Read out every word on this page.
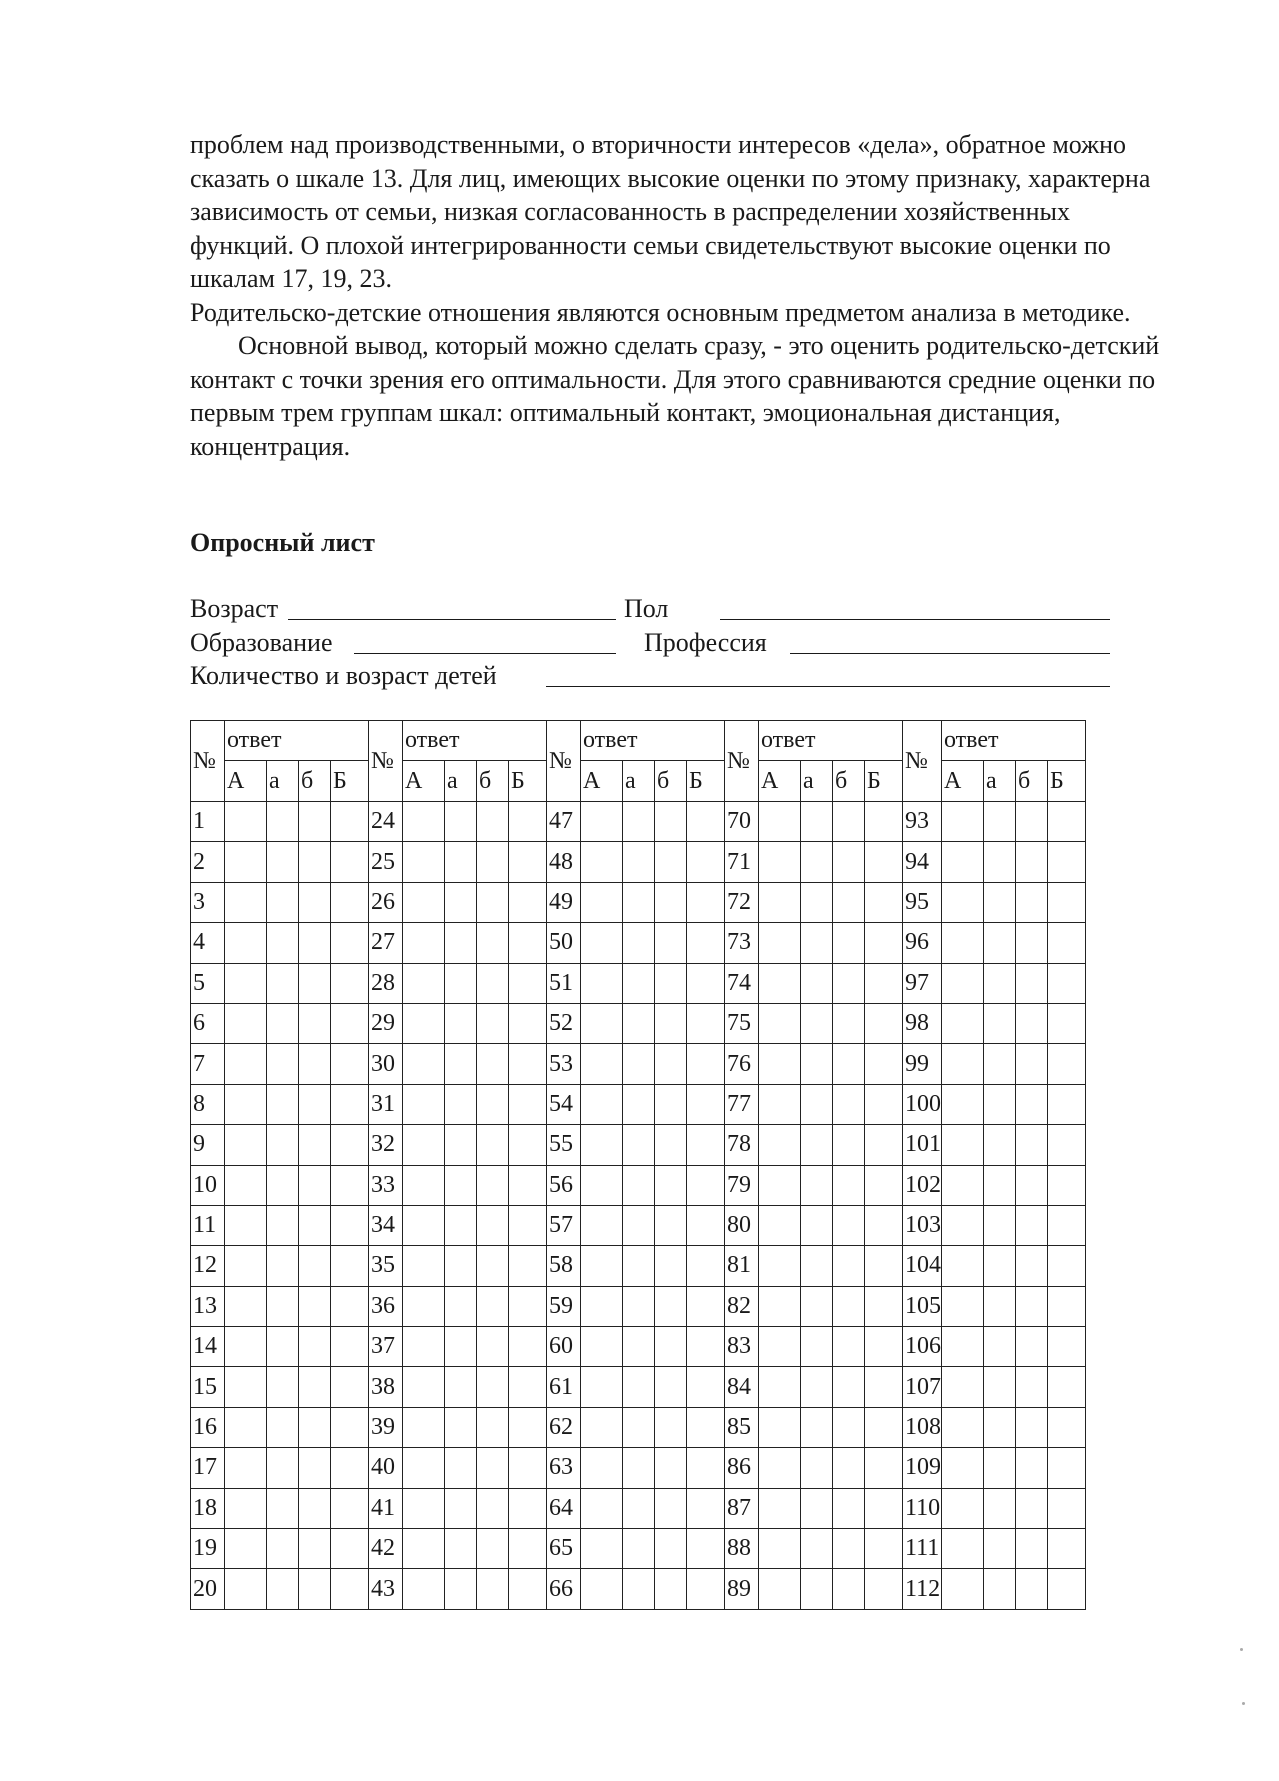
проблем над производственными, о вторичности интересов «дела», обратное можно сказать о шкале 13. Для лиц, имеющих высокие оценки по этому признаку, характерна зависимость от семьи, низкая согласованность в распределении хозяйственных функций. О плохой интегрированности семьи свидетельствуют высокие оценки по шкалам 17, 19, 23.

Родительско-детские отношения являются основным предметом анализа в методике.

Основной вывод, который можно сделать сразу, - это оценить родительско-детский контакт с точки зрения его оптимальности. Для этого сравниваются средние оценки по первым трем группам шкал: оптимальный контакт, эмоциональная дистанция, концентрация.

Опросный лист
Возраст	Пол
Образование	Профессия
Количество и возраст детей
№	ответ				№	ответ				№	ответ				№	ответ				№	ответ			
	А	а	б	Б		А	а	б	Б		А	а	б	Б		А	а	б	Б		А	а	б	Б
1					24					47					70					93				
2					25					48					71					94				
3					26					49					72					95				
4					27					50					73					96				
5					28					51					74					97				
6					29					52					75					98				
7					30					53					76					99				
8					31					54					77					100				
9					32					55					78					101				
10					33					56					79					102				
11					34					57					80					103				
12					35					58					81					104				
13					36					59					82					105				
14					37					60					83					106				
15					38					61					84					107				
16					39					62					85					108				
17					40					63					86					109				
18					41					64					87					110				
19					42					65					88					111				
20					43					66					89					112				
